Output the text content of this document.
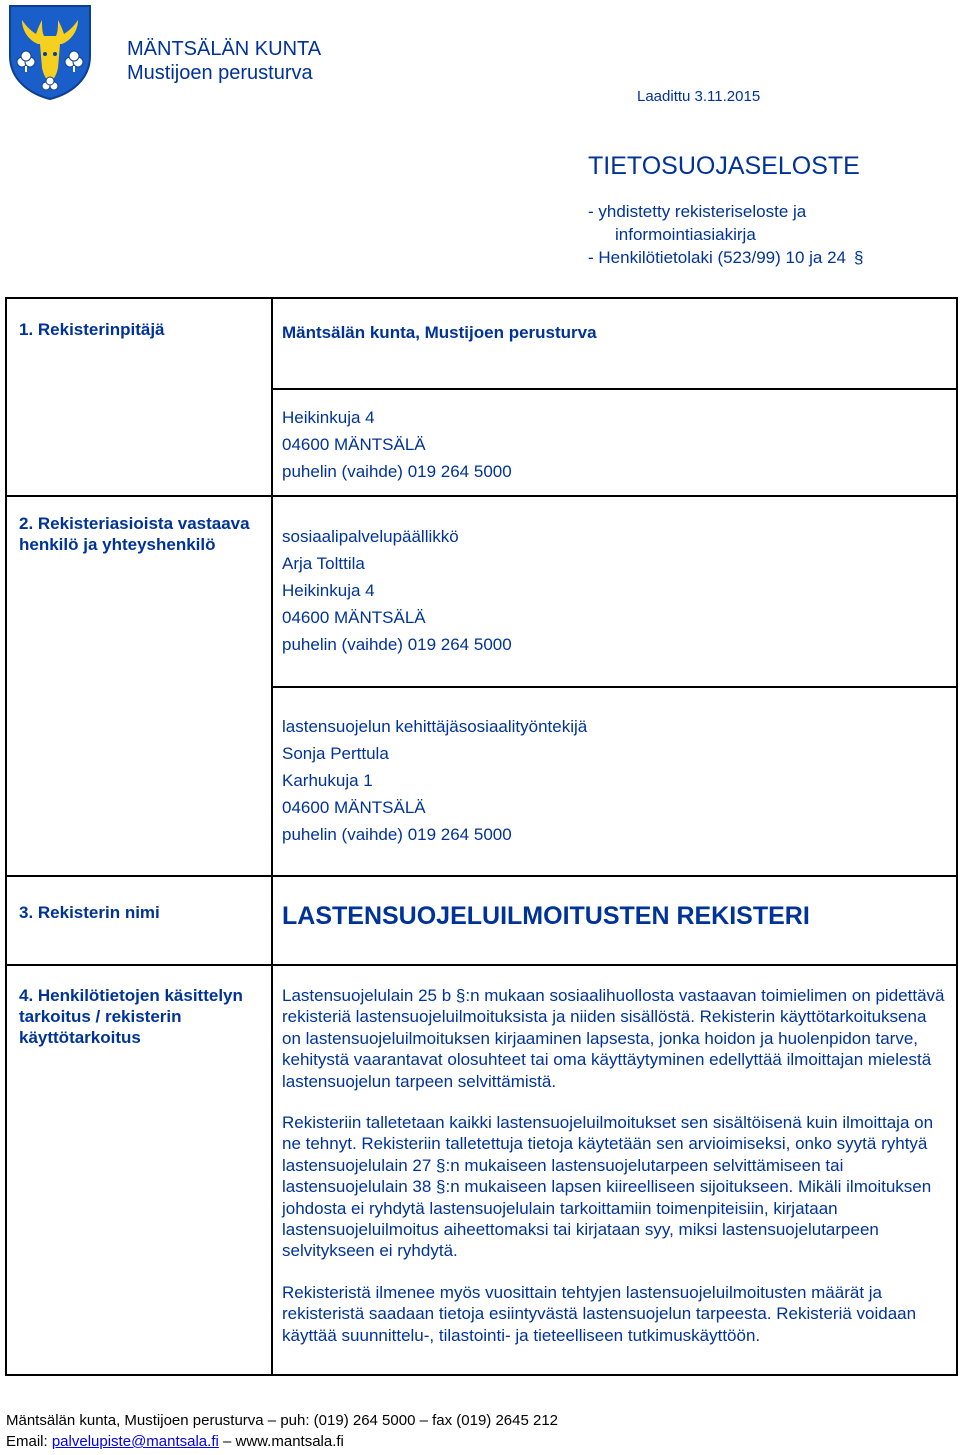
MÄNTSÄLÄN KUNTA
Mustijoen perusturva
Laadittu 3.11.2015
TIETOSUOJASELOSTE
- yhdistetty rekisteriseloste ja
informointiasiakirja
- Henkilötietolaki (523/99) 10 ja 24 §
1. Rekisterinpitäjä	Mäntsälän kunta, Mustijoen perusturva

	Heikinkuja 4
04600 MÄNTSÄLÄ
puhelin (vaihde) 019 264 5000

2. Rekisteriasioista vastaava henkilö ja yhteyshenkilö	sosiaalipalvelupäällikkö
Arja Tolttila
Heikinkuja 4
04600 MÄNTSÄLÄ
puhelin (vaihde) 019 264 5000

	lastensuojelun kehittäjäsosiaalityöntekijä
Sonja Perttula
Karhukuja 1
04600 MÄNTSÄLÄ
puhelin (vaihde) 019 264 5000

3. Rekisterin nimi	LASTENSUOJELUILMOITUSTEN REKISTERI

4. Henkilötietojen käsittelyn tarkoitus / rekisterin käyttötarkoitus	Lastensuojelulain 25 b §:n mukaan sosiaalihuollosta vastaavan toimielimen on pidettävä rekisteriä lastensuojeluilmoituksista ja niiden sisällöstä. Rekisterin käyttötarkoituksena on lastensuojeluilmoituksen kirjaaminen lapsesta, jonka hoidon ja huolenpidon tarve, kehitystä vaarantavat olosuhteet tai oma käyttäytyminen edellyttää ilmoittajan mielestä lastensuojelun tarpeen selvittämistä.

Rekisteriin talletetaan kaikki lastensuojeluilmoitukset sen sisältöisenä kuin ilmoittaja on ne tehnyt. Rekisteriin talletettuja tietoja käytetään sen arvioimiseksi, onko syytä ryhtyä lastensuojelulain 27 §:n mukaiseen lastensuojelutarpeen selvittämiseen tai lastensuojelulain 38 §:n mukaiseen lapsen kiireelliseen sijoitukseen. Mikäli ilmoituksen johdosta ei ryhdytä lastensuojelulain tarkoittamiin toimenpiteisiin, kirjataan lastensuojeluilmoitus aiheettomaksi tai kirjataan syy, miksi lastensuojelutarpeen selvitykseen ei ryhdytä.

Rekisteristä ilmenee myös vuosittain tehtyjen lastensuojeluilmoitusten määrät ja rekisteristä saadaan tietoja esiintyvästä lastensuojelun tarpeesta. Rekisteriä voidaan käyttää suunnittelu-, tilastointi- ja tieteelliseen tutkimuskäyttöön.

Mäntsälän kunta, Mustijoen perusturva – puh: (019) 264 5000 – fax (019) 2645 212
Email: palvelupiste@mantsala.fi – www.mantsala.fi
